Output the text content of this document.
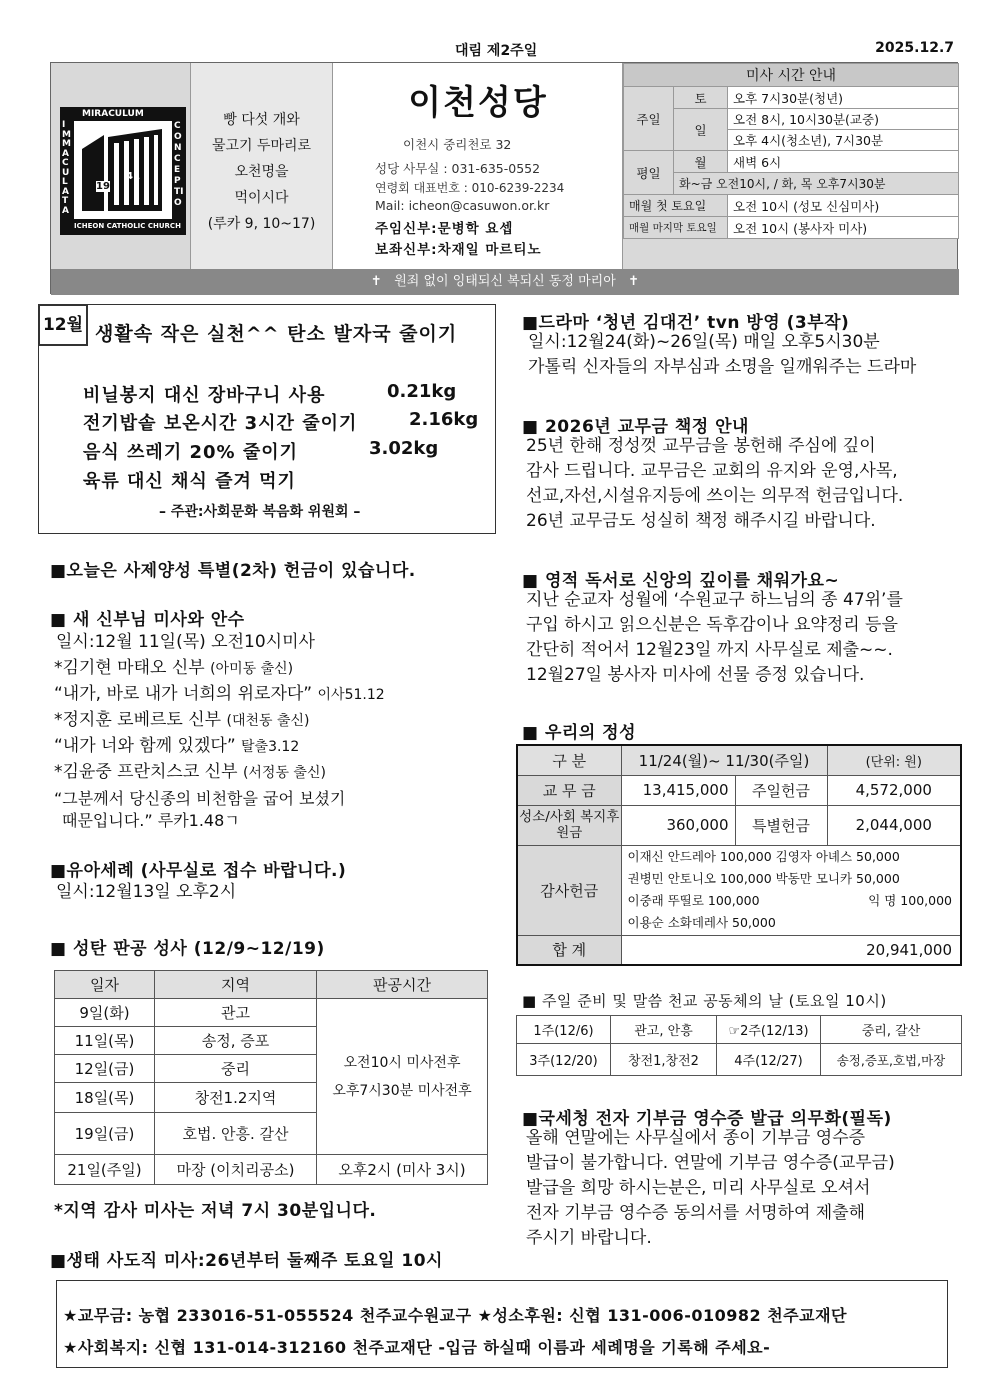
대림 제2주일	2025.12.7
MIRACULUM
IMMACULATA
CONCEPTIO
ICHEON CATHOLIC CHURCH
19
41
빵 다섯 개와
물고기 두마리로
오천명을
먹이시다
(루카 9, 10~17)
이천성당
이천시 중리천로 32
성당 사무실 : 031-635-0552
연령회 대표번호 : 010-6239-2234
Mail: icheon@casuwon.or.kr
주임신부:문병학 요셉
보좌신부:차재일 마르티노
미사 시간 안내		
주일	토	오후 7시30분(청년)
	일	오전 8시, 10시30분(교중)
		오후 4시(청소년), 7시30분
평일	월	새벽 6시
	화~금 오전10시, / 화, 목 오후7시30분	
매월 첫 토요일		오전 10시 (성모 신심미사)
매월 마지막 토요일		오전 10시 (봉사자 미사)
✝   원죄 없이 잉태되신 복되신 동정 마리아   ✝
12월 생활속 작은 실천^^ 탄소 발자국 줄이기
비닐봉지 대신 장바구니 사용	0.21kg
전기밥솥 보온시간 3시간 줄이기	2.16kg
음식 쓰레기 20% 줄이기	3.02kg
육류 대신 채식 즐겨 먹기
– 주관:사회문화 복음화 위원회 –
■오늘은 사제양성 특별(2차) 헌금이 있습니다.
■ 새 신부님 미사와 안수
일시:12월 11일(목) 오전10시미사
*김기현 마태오 신부 (아미동 출신)
“내가, 바로 내가 너희의 위로자다” 이사51.12
*정지훈 로베르토 신부 (대천동 출신)
“내가 너와 함께 있겠다” 탈출3.12
*김윤중 프란치스코 신부 (서정동 출신)
“그분께서 당신종의 비천함을 굽어 보셨기
때문입니다.” 루카1.48ㄱ
■유아세례 (사무실로 접수 바랍니다.)
일시:12월13일 오후2시
■ 성탄 판공 성사 (12/9~12/19)
일자	지역	판공시간
9일(화)	관고	오전10시 미사전후
오후7시30분 미사전후

11일(목)	송정, 증포	
12일(금)	중리	
18일(목)	창전1.2지역	
19일(금)	호법. 안흥. 갈산	
21일(주일)	마장 (이치리공소)	오후2시 (미사 3시)
*지역 감사 미사는 저녁 7시 30분입니다.
■생태 사도직 미사:26년부터 둘째주 토요일 10시
■드라마 ‘청년 김대건’ tvn 방영 (3부작)
일시:12월24(화)~26일(목) 매일 오후5시30분
가톨릭 신자들의 자부심과 소명을 일깨워주는 드라마
■ 2026년 교무금 책정 안내
25년 한해 정성껏 교무금을 봉헌해 주심에 깊이
감사 드립니다. 교무금은 교회의 유지와 운영,사목,
선교,자선,시설유지등에 쓰이는 의무적 헌금입니다.
26년 교무금도 성실히 책정 해주시길 바랍니다.
■ 영적 독서로 신앙의 깊이를 채워가요~
지난 순교자 성월에 ‘수원교구 하느님의 종 47위’를
구입 하시고 읽으신분은 독후감이나 요약정리 등을
간단히 적어서 12월23일 까지 사무실로 제출~~.
12월27일 봉사자 미사에 선물 증정 있습니다.
■ 우리의 정성
구 분	11/24(월)~ 11/30(주일)		(단위: 원)
교 무 금	13,415,000	주일헌금	4,572,000
성소/사회 복지후원금	360,000	특별헌금	2,044,000
감사헌금	이재신 안드레아 100,000 김영자 아녜스 50,000
권병민 안토니오 100,000 박동만 모니카 50,000
이중래 뚜띨로 100,000 익 명 100,000
이용순 소화데레사 50,000		

합 계	20,941,000		
■ 주일 준비 및 말씀 천교 공동체의 날 (토요일 10시)
1주(12/6)	관고, 안흥	☞2주(12/13)	중리, 갈산
3주(12/20)	창전1,창전2	4주(12/27)	송정,증포,호법,마장
■국세청 전자 기부금 영수증 발급 의무화(필독)
올해 연말에는 사무실에서 종이 기부금 영수증
발급이 불가합니다. 연말에 기부금 영수증(교무금)
발급을 희망 하시는분은, 미리 사무실로 오셔서
전자 기부금 영수증 동의서를 서명하여 제출해
주시기 바랍니다.
★교무금: 농협 233016-51-055524 천주교수원교구 ★성소후원: 신협 131-006-010982 천주교재단
★사회복지: 신협 131-014-312160 천주교재단 -입금 하실때 이름과 세례명을 기록해 주세요-
